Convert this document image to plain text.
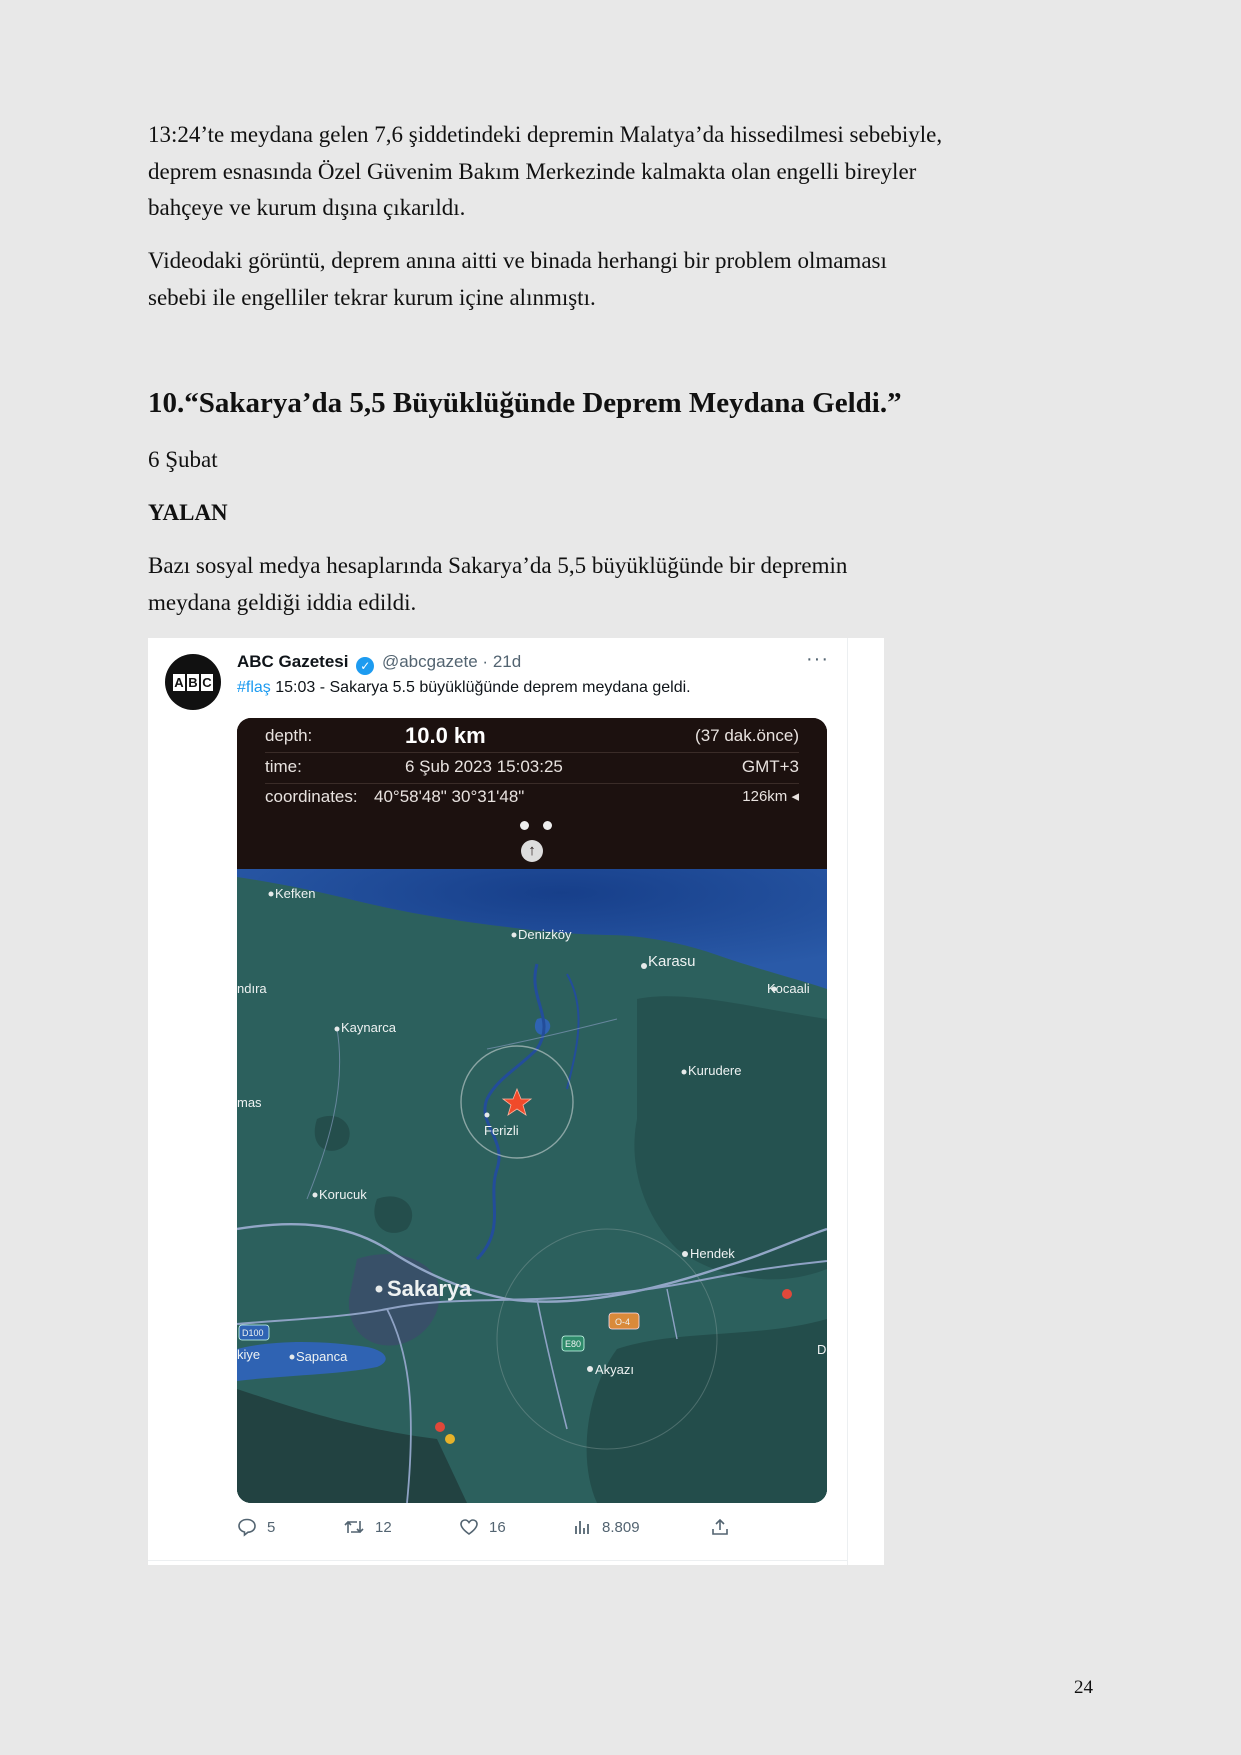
13:24’te meydana gelen 7,6 şiddetindeki depremin Malatya’da hissedilmesi sebebiyle,
deprem esnasında Özel Güvenim Bakım Merkezinde kalmakta olan engelli bireyler
bahçeye ve kurum dışına çıkarıldı.

Videodaki görüntü, deprem anına aitti ve binada herhangi bir problem olmaması
sebebi ile engelliler tekrar kurum içine alınmıştı.

10.“Sakarya’da 5,5 Büyüklüğünde Deprem Meydana Geldi.”

6 Şubat

YALAN

Bazı sosyal medya hesaplarında Sakarya’da 5,5 büyüklüğünde bir depremin
meydana geldiği iddia edildi.

A B C
ABC Gazetesi ✓ @abcgazete · 21d	···
#flaş 15:03 - Sakarya 5.5 büyüklüğünde deprem meydana geldi.
depth:	10.0 km	(37 dak.önce)
time:	6 Şub 2023 15:03:25	GMT+3
coordinates: 40°58'48" 30°31'48"	126km ◂
↑
Kefken
Denizköy
Karasu
Kocaali
ndıra
Kaynarca
Kurudere
mas
Ferizli
Korucuk
Hendek
Sakarya
D100
E80
O-4
kiye	Sapanca
Akyazı
D
5	12	16	8.809
24
